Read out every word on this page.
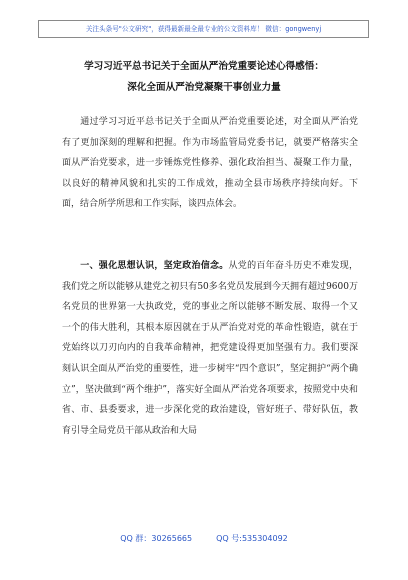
关注头条号"公文研究"，获得最新最全最专业的公文资料库！ 微信：gongwenyj
学习习近平总书记关于全面从严治党重要论述心得感悟：
深化全面从严治党凝聚干事创业力量

通过学习习近平总书记关于全面从严治党重要论述，对全面从严治党有了更加深刻的理解和把握。作为市场监管局党委书记，就要严格落实全面从严治党要求，进一步锤炼党性修养、强化政治担当、凝聚工作力量，以良好的精神风貌和扎实的工作成效，推动全县市场秩序持续向好。下面，结合所学所思和工作实际，谈四点体会。

一、强化思想认识，坚定政治信念。从党的百年奋斗历史不难发现，我们党之所以能够从建党之初只有50多名党员发展到今天拥有超过9600万名党员的世界第一大执政党，党的事业之所以能够不断发展、取得一个又一个的伟大胜利，其根本原因就在于从严治党对党的革命性锻造，就在于党始终以刀刃向内的自我革命精神，把党建设得更加坚强有力。我们要深刻认识全面从严治党的重要性，进一步树牢“四个意识”，坚定拥护“两个确立”，坚决做到“两个维护”，落实好全面从严治党各项要求，按照党中央和省、市、县委要求，进一步深化党的政治建设，管好班子、带好队伍，教育引导全局党员干部从政治和大局

QQ 群：30265665	QQ 号:535304092
